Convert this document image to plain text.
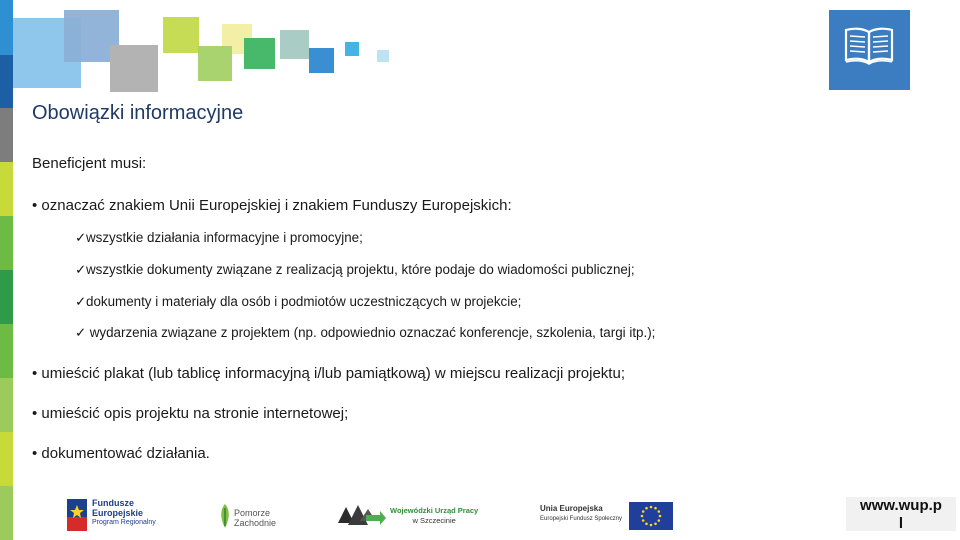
Obowiązki informacyjne
Beneficjent musi:
• oznaczać znakiem Unii Europejskiej i znakiem Funduszy Europejskich:
✓wszystkie działania informacyjne i promocyjne;
✓wszystkie dokumenty związane z realizacją projektu, które podaje do wiadomości publicznej;
✓dokumenty i materiały dla osób i podmiotów uczestniczących w projekcie;
✓ wydarzenia związane z projektem (np. odpowiednio oznaczać konferencje, szkolenia, targi itp.);
• umieścić plakat (lub tablicę informacyjną i/lub pamiątkową) w miejscu realizacji projektu;
• umieścić opis projektu na stronie internetowej;
• dokumentować działania.
Fundusze
Europejskie
Program Regionalny
Pomorze
Zachodnie
Wojewódzki Urząd Pracy
w Szczecinie
Unia Europejska
Europejski Fundusz Społeczny
www.wup.p
l
